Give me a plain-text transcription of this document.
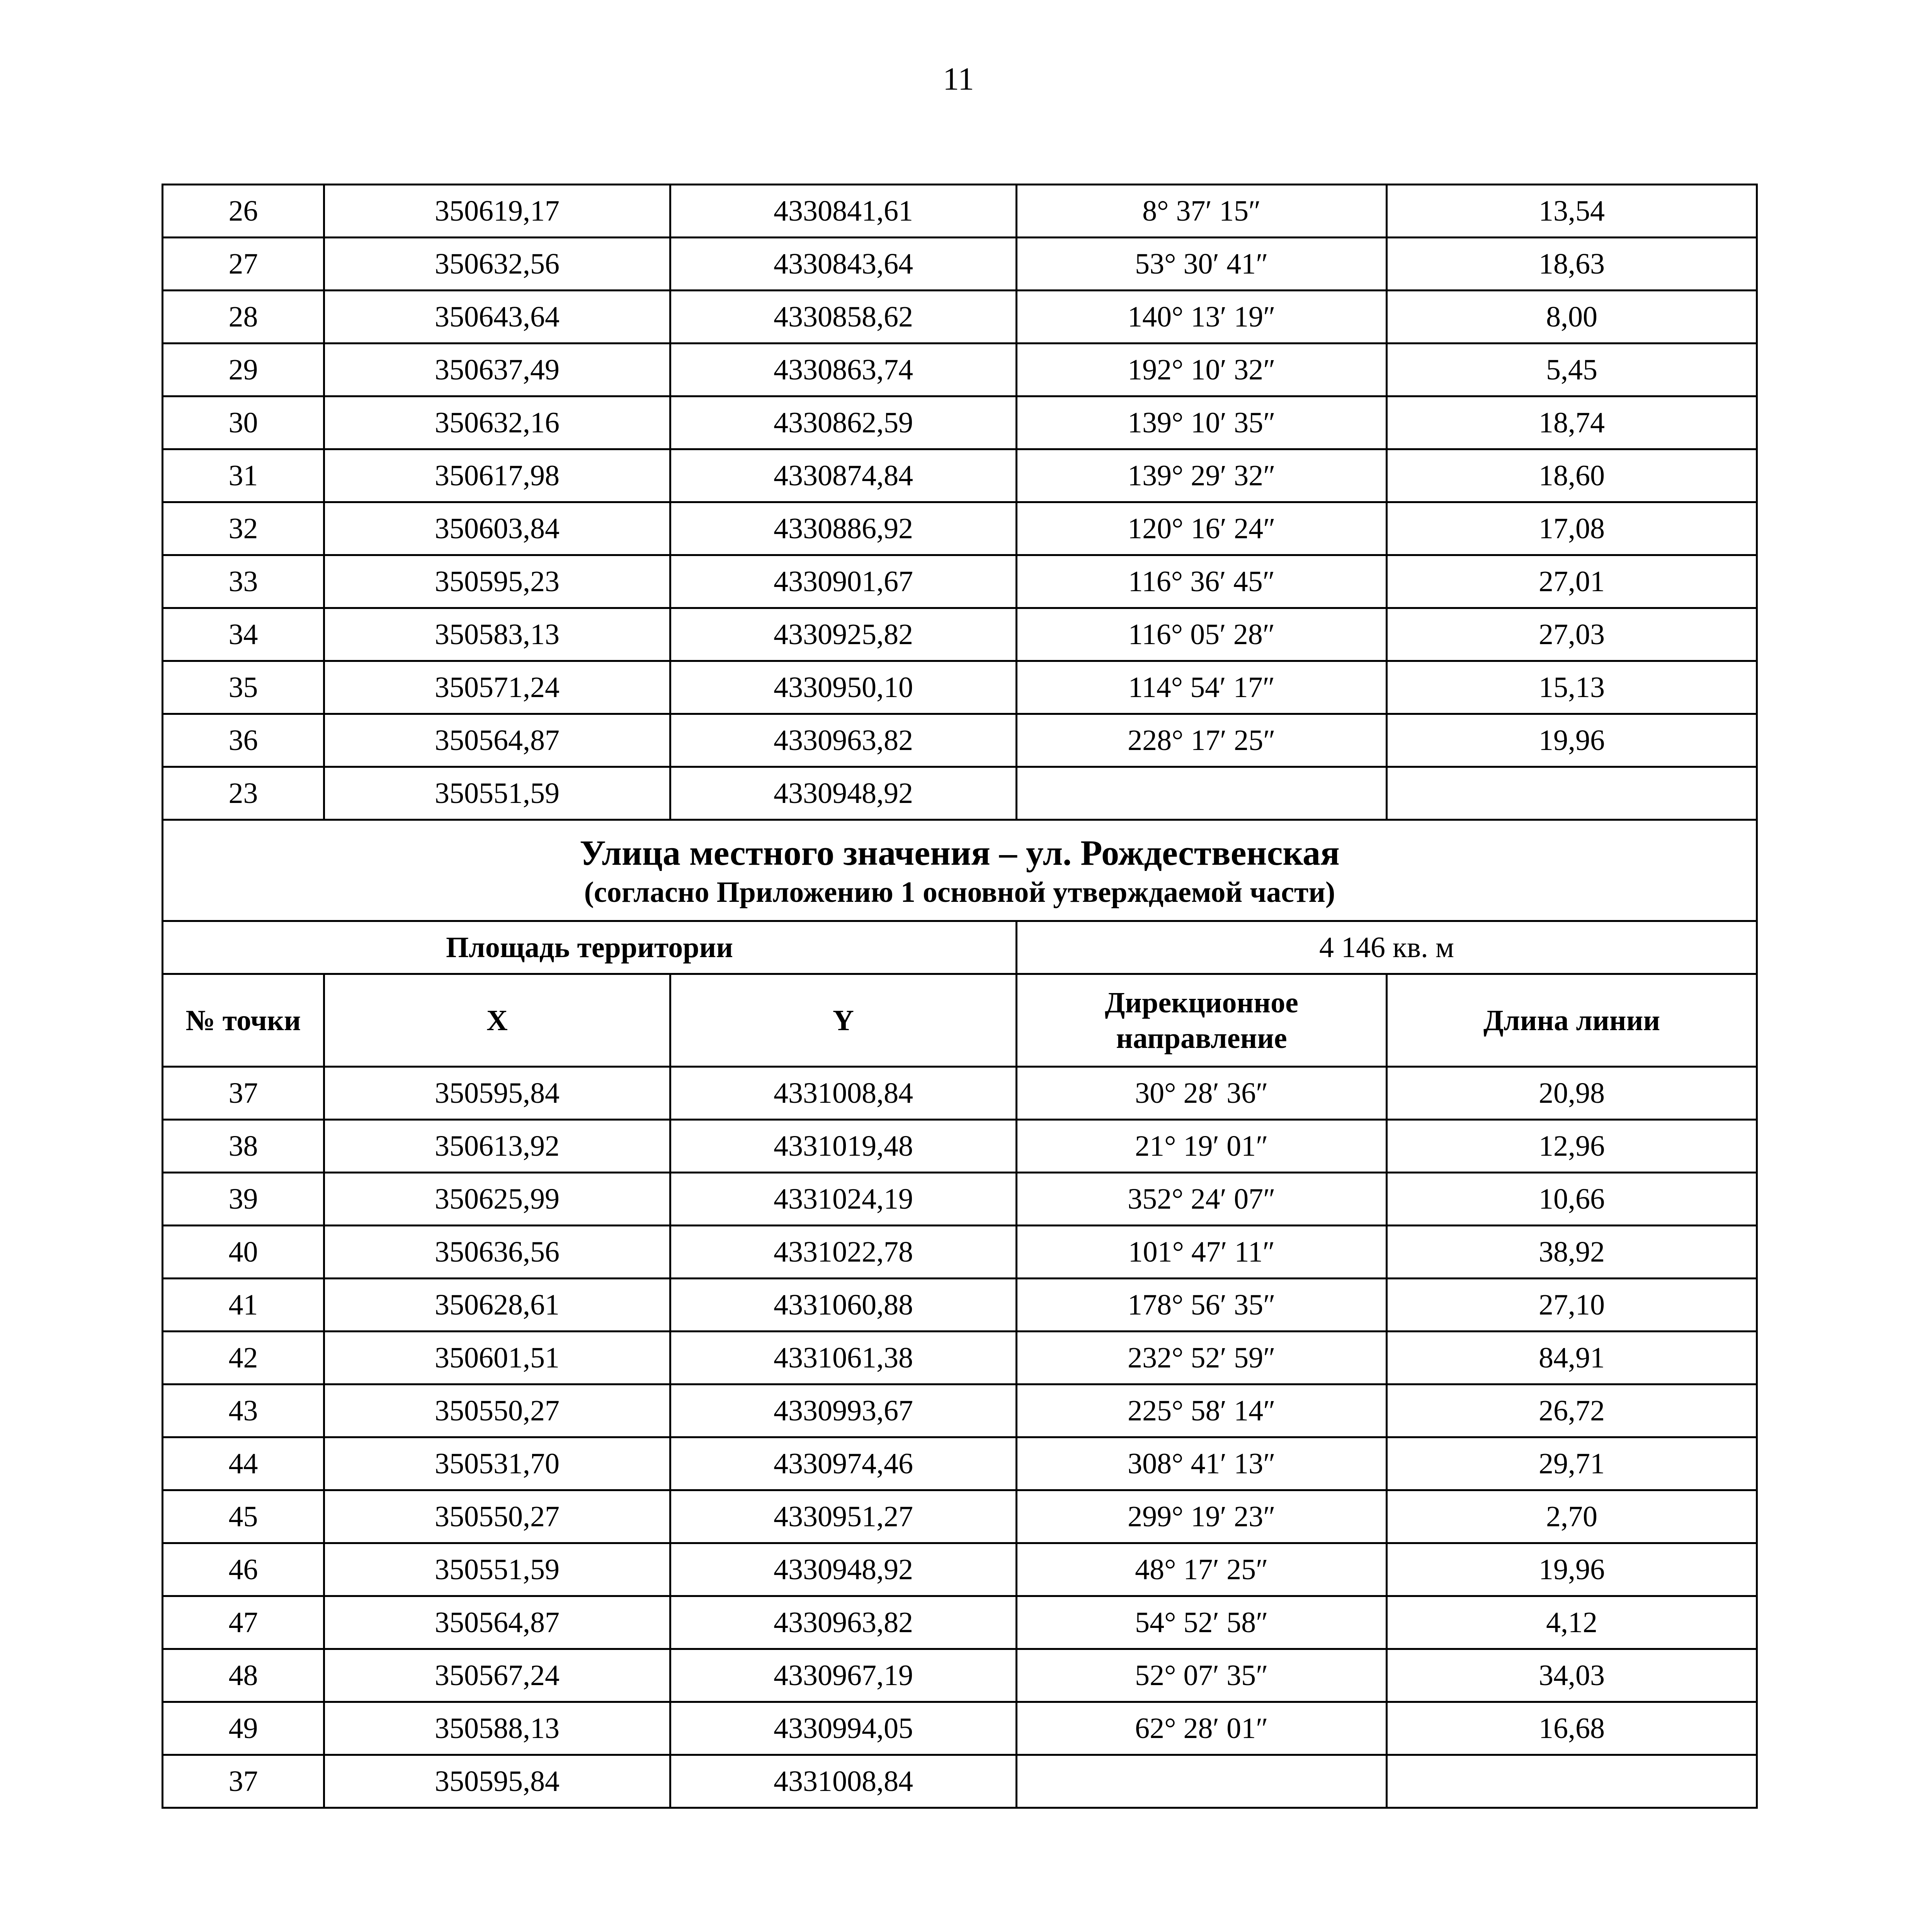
11
26	350619,17	4330841,61	8° 37′ 15″	13,54
27	350632,56	4330843,64	53° 30′ 41″	18,63
28	350643,64	4330858,62	140° 13′ 19″	8,00
29	350637,49	4330863,74	192° 10′ 32″	5,45
30	350632,16	4330862,59	139° 10′ 35″	18,74
31	350617,98	4330874,84	139° 29′ 32″	18,60
32	350603,84	4330886,92	120° 16′ 24″	17,08
33	350595,23	4330901,67	116° 36′ 45″	27,01
34	350583,13	4330925,82	116° 05′ 28″	27,03
35	350571,24	4330950,10	114° 54′ 17″	15,13
36	350564,87	4330963,82	228° 17′ 25″	19,96
23	350551,59	4330948,92		

Улица местного значения – ул. Рождественская
(согласно Приложению 1 основной утверждаемой части)				

Площадь территории			4 146 кв. м	
№ точки	X	Y	Дирекционное направление	Длина линии
37	350595,84	4331008,84	30° 28′ 36″	20,98
38	350613,92	4331019,48	21° 19′ 01″	12,96
39	350625,99	4331024,19	352° 24′ 07″	10,66
40	350636,56	4331022,78	101° 47′ 11″	38,92
41	350628,61	4331060,88	178° 56′ 35″	27,10
42	350601,51	4331061,38	232° 52′ 59″	84,91
43	350550,27	4330993,67	225° 58′ 14″	26,72
44	350531,70	4330974,46	308° 41′ 13″	29,71
45	350550,27	4330951,27	299° 19′ 23″	2,70
46	350551,59	4330948,92	48° 17′ 25″	19,96
47	350564,87	4330963,82	54° 52′ 58″	4,12
48	350567,24	4330967,19	52° 07′ 35″	34,03
49	350588,13	4330994,05	62° 28′ 01″	16,68
37	350595,84	4331008,84		
